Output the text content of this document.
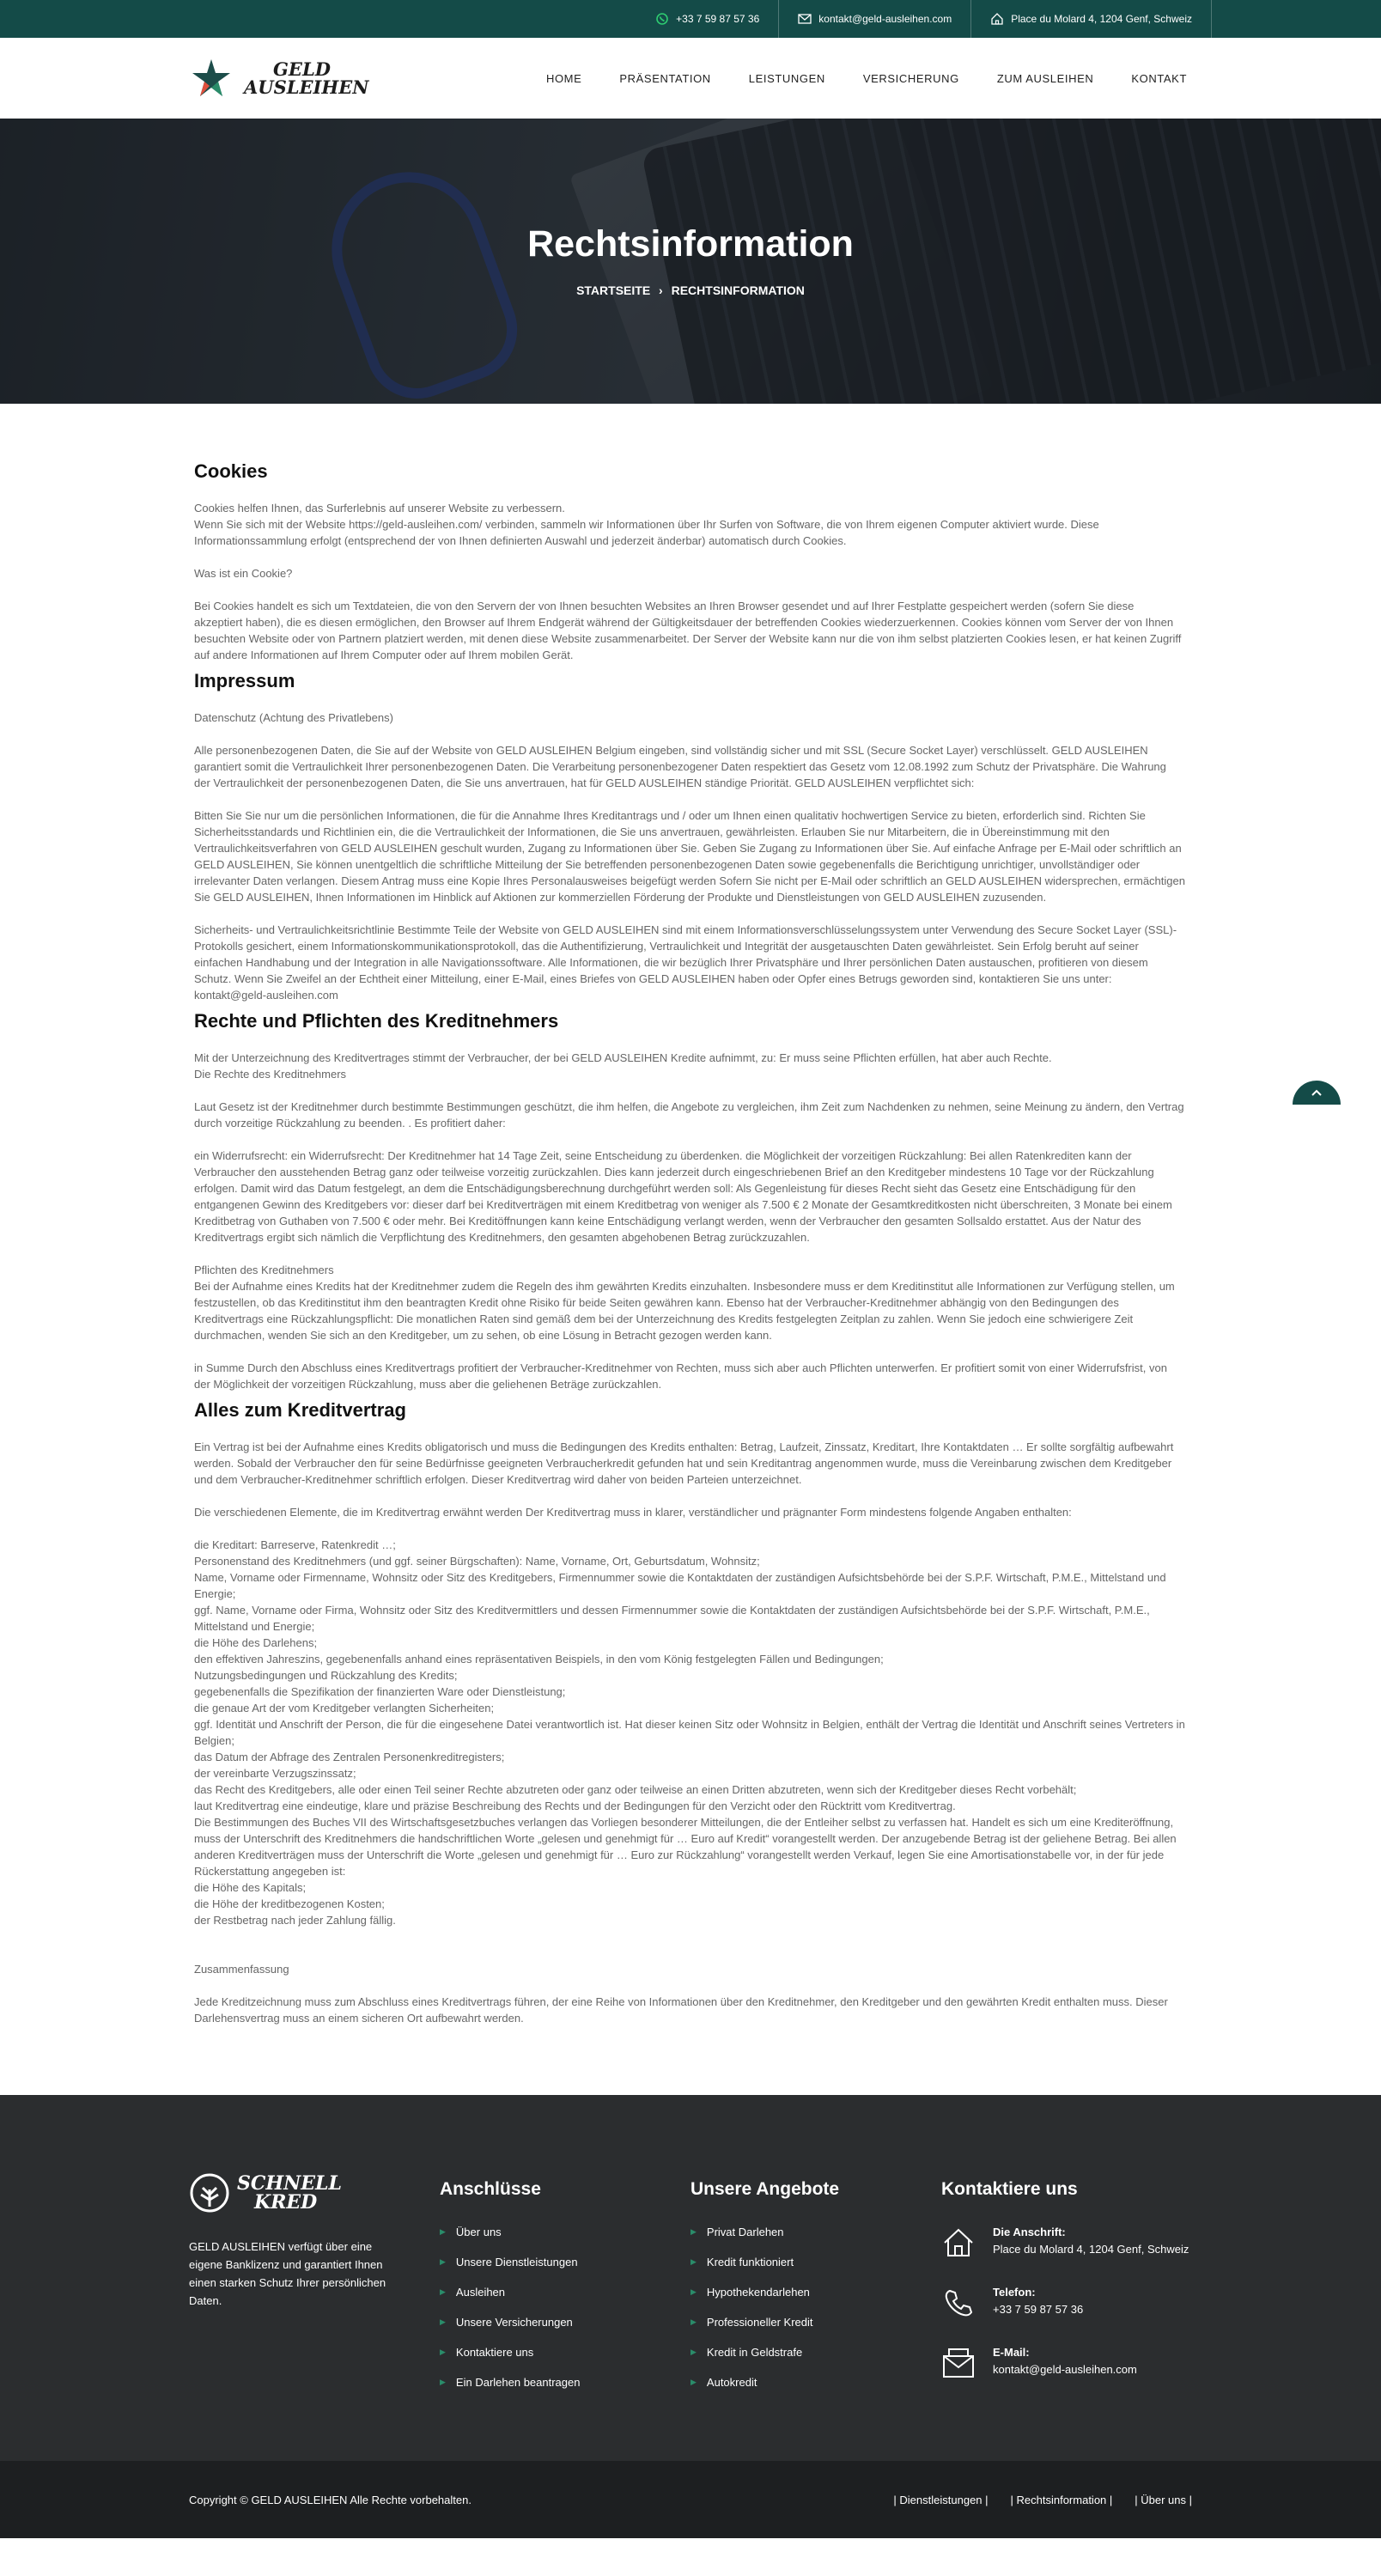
+33 7 59 87 57 36	kontakt@geld-ausleihen.com	Place du Molard 4, 1204 Genf, Schweiz
GELD
AUSLEIHEN	HOME	PRÄSENTATION	LEISTUNGEN	VERSICHERUNG	ZUM AUSLEIHEN	KONTAKT
Rechtsinformation
STARTSEITE › RECHTSINFORMATION
Cookies

Cookies helfen Ihnen, das Surferlebnis auf unserer Website zu verbessern.
Wenn Sie sich mit der Website https://geld-ausleihen.com/ verbinden, sammeln wir Informationen über Ihr Surfen von Software, die von Ihrem eigenen Computer aktiviert wurde. Diese Informationssammlung erfolgt (entsprechend der von Ihnen definierten Auswahl und jederzeit änderbar) automatisch durch Cookies.

Was ist ein Cookie?

Bei Cookies handelt es sich um Textdateien, die von den Servern der von Ihnen besuchten Websites an Ihren Browser gesendet und auf Ihrer Festplatte gespeichert werden (sofern Sie diese akzeptiert haben), die es diesen ermöglichen, den Browser auf Ihrem Endgerät während der Gültigkeitsdauer der betreffenden Cookies wiederzuerkennen. Cookies können vom Server der von Ihnen besuchten Website oder von Partnern platziert werden, mit denen diese Website zusammenarbeitet. Der Server der Website kann nur die von ihm selbst platzierten Cookies lesen, er hat keinen Zugriff auf andere Informationen auf Ihrem Computer oder auf Ihrem mobilen Gerät.

Impressum

Datenschutz (Achtung des Privatlebens)

Alle personenbezogenen Daten, die Sie auf der Website von GELD AUSLEIHEN Belgium eingeben, sind vollständig sicher und mit SSL (Secure Socket Layer) verschlüsselt. GELD AUSLEIHEN garantiert somit die Vertraulichkeit Ihrer personenbezogenen Daten. Die Verarbeitung personenbezogener Daten respektiert das Gesetz vom 12.08.1992 zum Schutz der Privatsphäre. Die Wahrung der Vertraulichkeit der personenbezogenen Daten, die Sie uns anvertrauen, hat für GELD AUSLEIHEN ständige Priorität. GELD AUSLEIHEN verpflichtet sich:

Bitten Sie Sie nur um die persönlichen Informationen, die für die Annahme Ihres Kreditantrags und / oder um Ihnen einen qualitativ hochwertigen Service zu bieten, erforderlich sind. Richten Sie Sicherheitsstandards und Richtlinien ein, die die Vertraulichkeit der Informationen, die Sie uns anvertrauen, gewährleisten. Erlauben Sie nur Mitarbeitern, die in Übereinstimmung mit den Vertraulichkeitsverfahren von GELD AUSLEIHEN geschult wurden, Zugang zu Informationen über Sie. Geben Sie Zugang zu Informationen über Sie. Auf einfache Anfrage per E-Mail oder schriftlich an GELD AUSLEIHEN, Sie können unentgeltlich die schriftliche Mitteilung der Sie betreffenden personenbezogenen Daten sowie gegebenenfalls die Berichtigung unrichtiger, unvollständiger oder irrelevanter Daten verlangen. Diesem Antrag muss eine Kopie Ihres Personalausweises beigefügt werden Sofern Sie nicht per E-Mail oder schriftlich an GELD AUSLEIHEN widersprechen, ermächtigen Sie GELD AUSLEIHEN, Ihnen Informationen im Hinblick auf Aktionen zur kommerziellen Förderung der Produkte und Dienstleistungen von GELD AUSLEIHEN zuzusenden.

Sicherheits- und Vertraulichkeitsrichtlinie Bestimmte Teile der Website von GELD AUSLEIHEN sind mit einem Informationsverschlüsselungssystem unter Verwendung des Secure Socket Layer (SSL)-Protokolls gesichert, einem Informationskommunikationsprotokoll, das die Authentifizierung, Vertraulichkeit und Integrität der ausgetauschten Daten gewährleistet. Sein Erfolg beruht auf seiner einfachen Handhabung und der Integration in alle Navigationssoftware. Alle Informationen, die wir bezüglich Ihrer Privatsphäre und Ihrer persönlichen Daten austauschen, profitieren von diesem Schutz. Wenn Sie Zweifel an der Echtheit einer Mitteilung, einer E-Mail, eines Briefes von GELD AUSLEIHEN haben oder Opfer eines Betrugs geworden sind, kontaktieren Sie uns unter: kontakt@geld-ausleihen.com

Rechte und Pflichten des Kreditnehmers

Mit der Unterzeichnung des Kreditvertrages stimmt der Verbraucher, der bei GELD AUSLEIHEN Kredite aufnimmt, zu: Er muss seine Pflichten erfüllen, hat aber auch Rechte.
Die Rechte des Kreditnehmers

Laut Gesetz ist der Kreditnehmer durch bestimmte Bestimmungen geschützt, die ihm helfen, die Angebote zu vergleichen, ihm Zeit zum Nachdenken zu nehmen, seine Meinung zu ändern, den Vertrag durch vorzeitige Rückzahlung zu beenden. . Es profitiert daher:

ein Widerrufsrecht: ein Widerrufsrecht: Der Kreditnehmer hat 14 Tage Zeit, seine Entscheidung zu überdenken. die Möglichkeit der vorzeitigen Rückzahlung: Bei allen Ratenkrediten kann der Verbraucher den ausstehenden Betrag ganz oder teilweise vorzeitig zurückzahlen. Dies kann jederzeit durch eingeschriebenen Brief an den Kreditgeber mindestens 10 Tage vor der Rückzahlung erfolgen. Damit wird das Datum festgelegt, an dem die Entschädigungsberechnung durchgeführt werden soll: Als Gegenleistung für dieses Recht sieht das Gesetz eine Entschädigung für den entgangenen Gewinn des Kreditgebers vor: dieser darf bei Kreditverträgen mit einem Kreditbetrag von weniger als 7.500 € 2 Monate der Gesamtkreditkosten nicht überschreiten, 3 Monate bei einem Kreditbetrag von Guthaben von 7.500 € oder mehr. Bei Kreditöffnungen kann keine Entschädigung verlangt werden, wenn der Verbraucher den gesamten Sollsaldo erstattet. Aus der Natur des Kreditvertrags ergibt sich nämlich die Verpflichtung des Kreditnehmers, den gesamten abgehobenen Betrag zurückzuzahlen.

Pflichten des Kreditnehmers
Bei der Aufnahme eines Kredits hat der Kreditnehmer zudem die Regeln des ihm gewährten Kredits einzuhalten. Insbesondere muss er dem Kreditinstitut alle Informationen zur Verfügung stellen, um festzustellen, ob das Kreditinstitut ihm den beantragten Kredit ohne Risiko für beide Seiten gewähren kann. Ebenso hat der Verbraucher-Kreditnehmer abhängig von den Bedingungen des Kreditvertrags eine Rückzahlungspflicht: Die monatlichen Raten sind gemäß dem bei der Unterzeichnung des Kredits festgelegten Zeitplan zu zahlen. Wenn Sie jedoch eine schwierigere Zeit durchmachen, wenden Sie sich an den Kreditgeber, um zu sehen, ob eine Lösung in Betracht gezogen werden kann.

in Summe Durch den Abschluss eines Kreditvertrags profitiert der Verbraucher-Kreditnehmer von Rechten, muss sich aber auch Pflichten unterwerfen. Er profitiert somit von einer Widerrufsfrist, von der Möglichkeit der vorzeitigen Rückzahlung, muss aber die geliehenen Beträge zurückzahlen.

Alles zum Kreditvertrag

Ein Vertrag ist bei der Aufnahme eines Kredits obligatorisch und muss die Bedingungen des Kredits enthalten: Betrag, Laufzeit, Zinssatz, Kreditart, Ihre Kontaktdaten … Er sollte sorgfältig aufbewahrt werden. Sobald der Verbraucher den für seine Bedürfnisse geeigneten Verbraucherkredit gefunden hat und sein Kreditantrag angenommen wurde, muss die Vereinbarung zwischen dem Kreditgeber und dem Verbraucher-Kreditnehmer schriftlich erfolgen. Dieser Kreditvertrag wird daher von beiden Parteien unterzeichnet.

Die verschiedenen Elemente, die im Kreditvertrag erwähnt werden Der Kreditvertrag muss in klarer, verständlicher und prägnanter Form mindestens folgende Angaben enthalten:

die Kreditart: Barreserve, Ratenkredit …;
Personenstand des Kreditnehmers (und ggf. seiner Bürgschaften): Name, Vorname, Ort, Geburtsdatum, Wohnsitz;
Name, Vorname oder Firmenname, Wohnsitz oder Sitz des Kreditgebers, Firmennummer sowie die Kontaktdaten der zuständigen Aufsichtsbehörde bei der S.P.F. Wirtschaft, P.M.E., Mittelstand und Energie;
ggf. Name, Vorname oder Firma, Wohnsitz oder Sitz des Kreditvermittlers und dessen Firmennummer sowie die Kontaktdaten der zuständigen Aufsichtsbehörde bei der S.P.F. Wirtschaft, P.M.E., Mittelstand und Energie;
die Höhe des Darlehens;
den effektiven Jahreszins, gegebenenfalls anhand eines repräsentativen Beispiels, in den vom König festgelegten Fällen und Bedingungen;
Nutzungsbedingungen und Rückzahlung des Kredits;
gegebenenfalls die Spezifikation der finanzierten Ware oder Dienstleistung;
die genaue Art der vom Kreditgeber verlangten Sicherheiten;
ggf. Identität und Anschrift der Person, die für die eingesehene Datei verantwortlich ist. Hat dieser keinen Sitz oder Wohnsitz in Belgien, enthält der Vertrag die Identität und Anschrift seines Vertreters in Belgien;
das Datum der Abfrage des Zentralen Personenkreditregisters;
der vereinbarte Verzugszinssatz;
das Recht des Kreditgebers, alle oder einen Teil seiner Rechte abzutreten oder ganz oder teilweise an einen Dritten abzutreten, wenn sich der Kreditgeber dieses Recht vorbehält;
laut Kreditvertrag eine eindeutige, klare und präzise Beschreibung des Rechts und der Bedingungen für den Verzicht oder den Rücktritt vom Kreditvertrag.
Die Bestimmungen des Buches VII des Wirtschaftsgesetzbuches verlangen das Vorliegen besonderer Mitteilungen, die der Entleiher selbst zu verfassen hat. Handelt es sich um eine Krediteröffnung, muss der Unterschrift des Kreditnehmers die handschriftlichen Worte „gelesen und genehmigt für … Euro auf Kredit“ vorangestellt werden. Der anzugebende Betrag ist der geliehene Betrag. Bei allen anderen Kreditverträgen muss der Unterschrift die Worte „gelesen und genehmigt für … Euro zur Rückzahlung“ vorangestellt werden Verkauf, legen Sie eine Amortisationstabelle vor, in der für jede Rückerstattung angegeben ist:
die Höhe des Kapitals;
die Höhe der kreditbezogenen Kosten;
der Restbetrag nach jeder Zahlung fällig.

Zusammenfassung

Jede Kreditzeichnung muss zum Abschluss eines Kreditvertrags führen, der eine Reihe von Informationen über den Kreditnehmer, den Kreditgeber und den gewährten Kredit enthalten muss. Dieser Darlehensvertrag muss an einem sicheren Ort aufbewahrt werden.

SCHNELL
KRED

GELD AUSLEIHEN verfügt über eine eigene Banklizenz und garantiert Ihnen einen starken Schutz Ihrer persönlichen Daten.

Anschlüsse
▶ Über uns
▶ Unsere Dienstleistungen
▶ Ausleihen
▶ Unsere Versicherungen
▶ Kontaktiere uns
▶ Ein Darlehen beantragen
Unsere Angebote
▶ Privat Darlehen
▶ Kredit funktioniert
▶ Hypothekendarlehen
▶ Professioneller Kredit
▶ Kredit in Geldstrafe
▶ Autokredit
Kontaktiere uns
Die Anschrift:
Place du Molard 4, 1204 Genf, Schweiz
Telefon:
+33 7 59 87 57 36
E-Mail:
kontakt@geld-ausleihen.com
Copyright © GELD AUSLEIHEN Alle Rechte vorbehalten.	| Dienstleistungen | | Rechtsinformation | | Über uns |
